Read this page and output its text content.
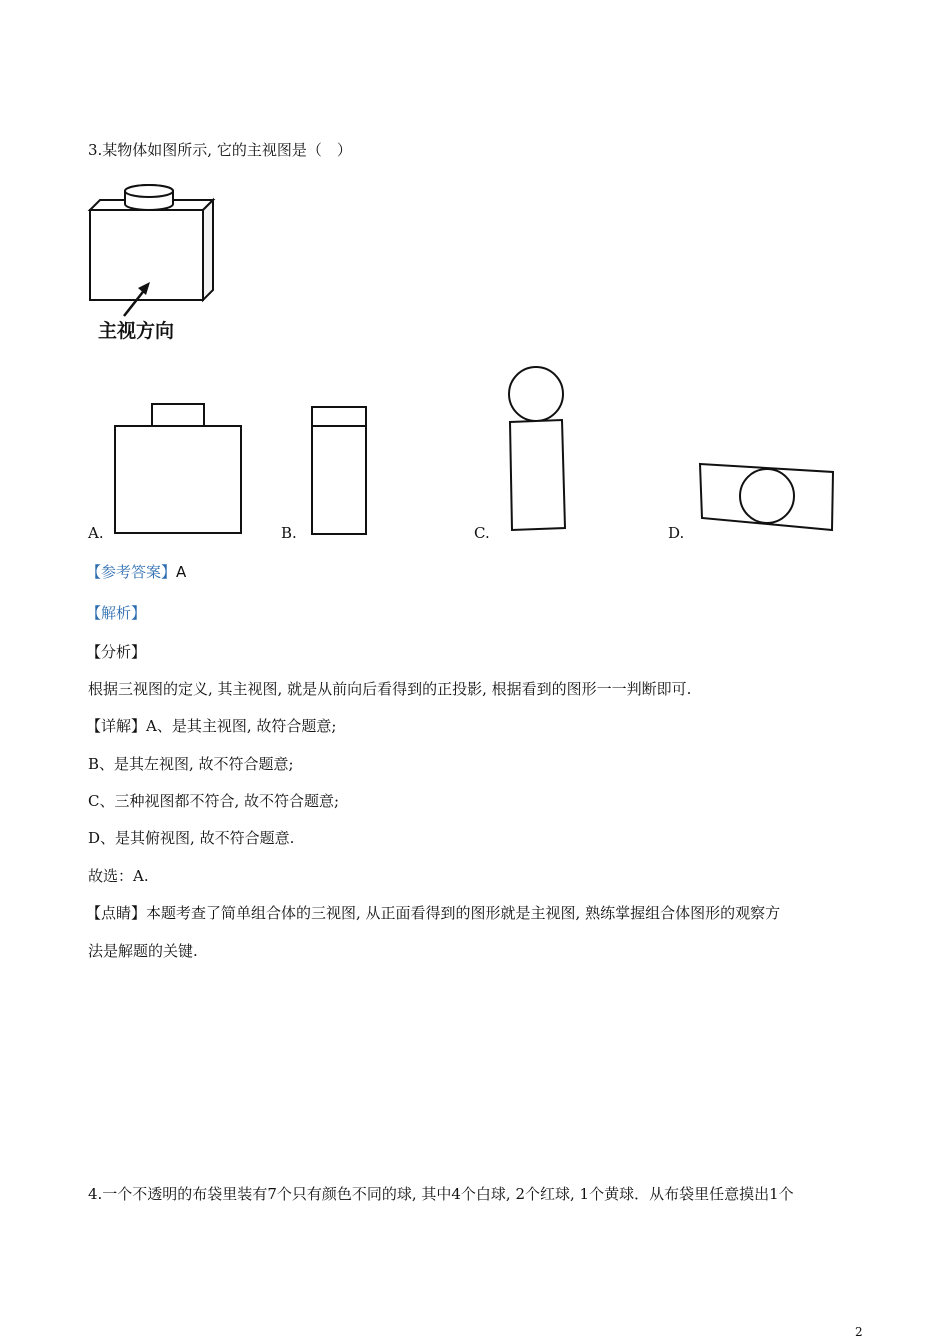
3.某物体如图所示, 它的主视图是（　）
主视方向
A.	B.	C.	D.
【参考答案】A
【解析】
【分析】
根据三视图的定义, 其主视图, 就是从前向后看得到的正投影, 根据看到的图形一一判断即可.
【详解】A、是其主视图, 故符合题意;
B、是其左视图, 故不符合题意;
C、三种视图都不符合, 故不符合题意;
D、是其俯视图, 故不符合题意.
故选：A.
【点睛】本题考查了简单组合体的三视图, 从正面看得到的图形就是主视图, 熟练掌握组合体图形的观察方
法是解题的关键.
4.一个不透明的布袋里装有7个只有颜色不同的球, 其中4个白球, 2个红球, 1个黄球．从布袋里任意摸出1个
2
